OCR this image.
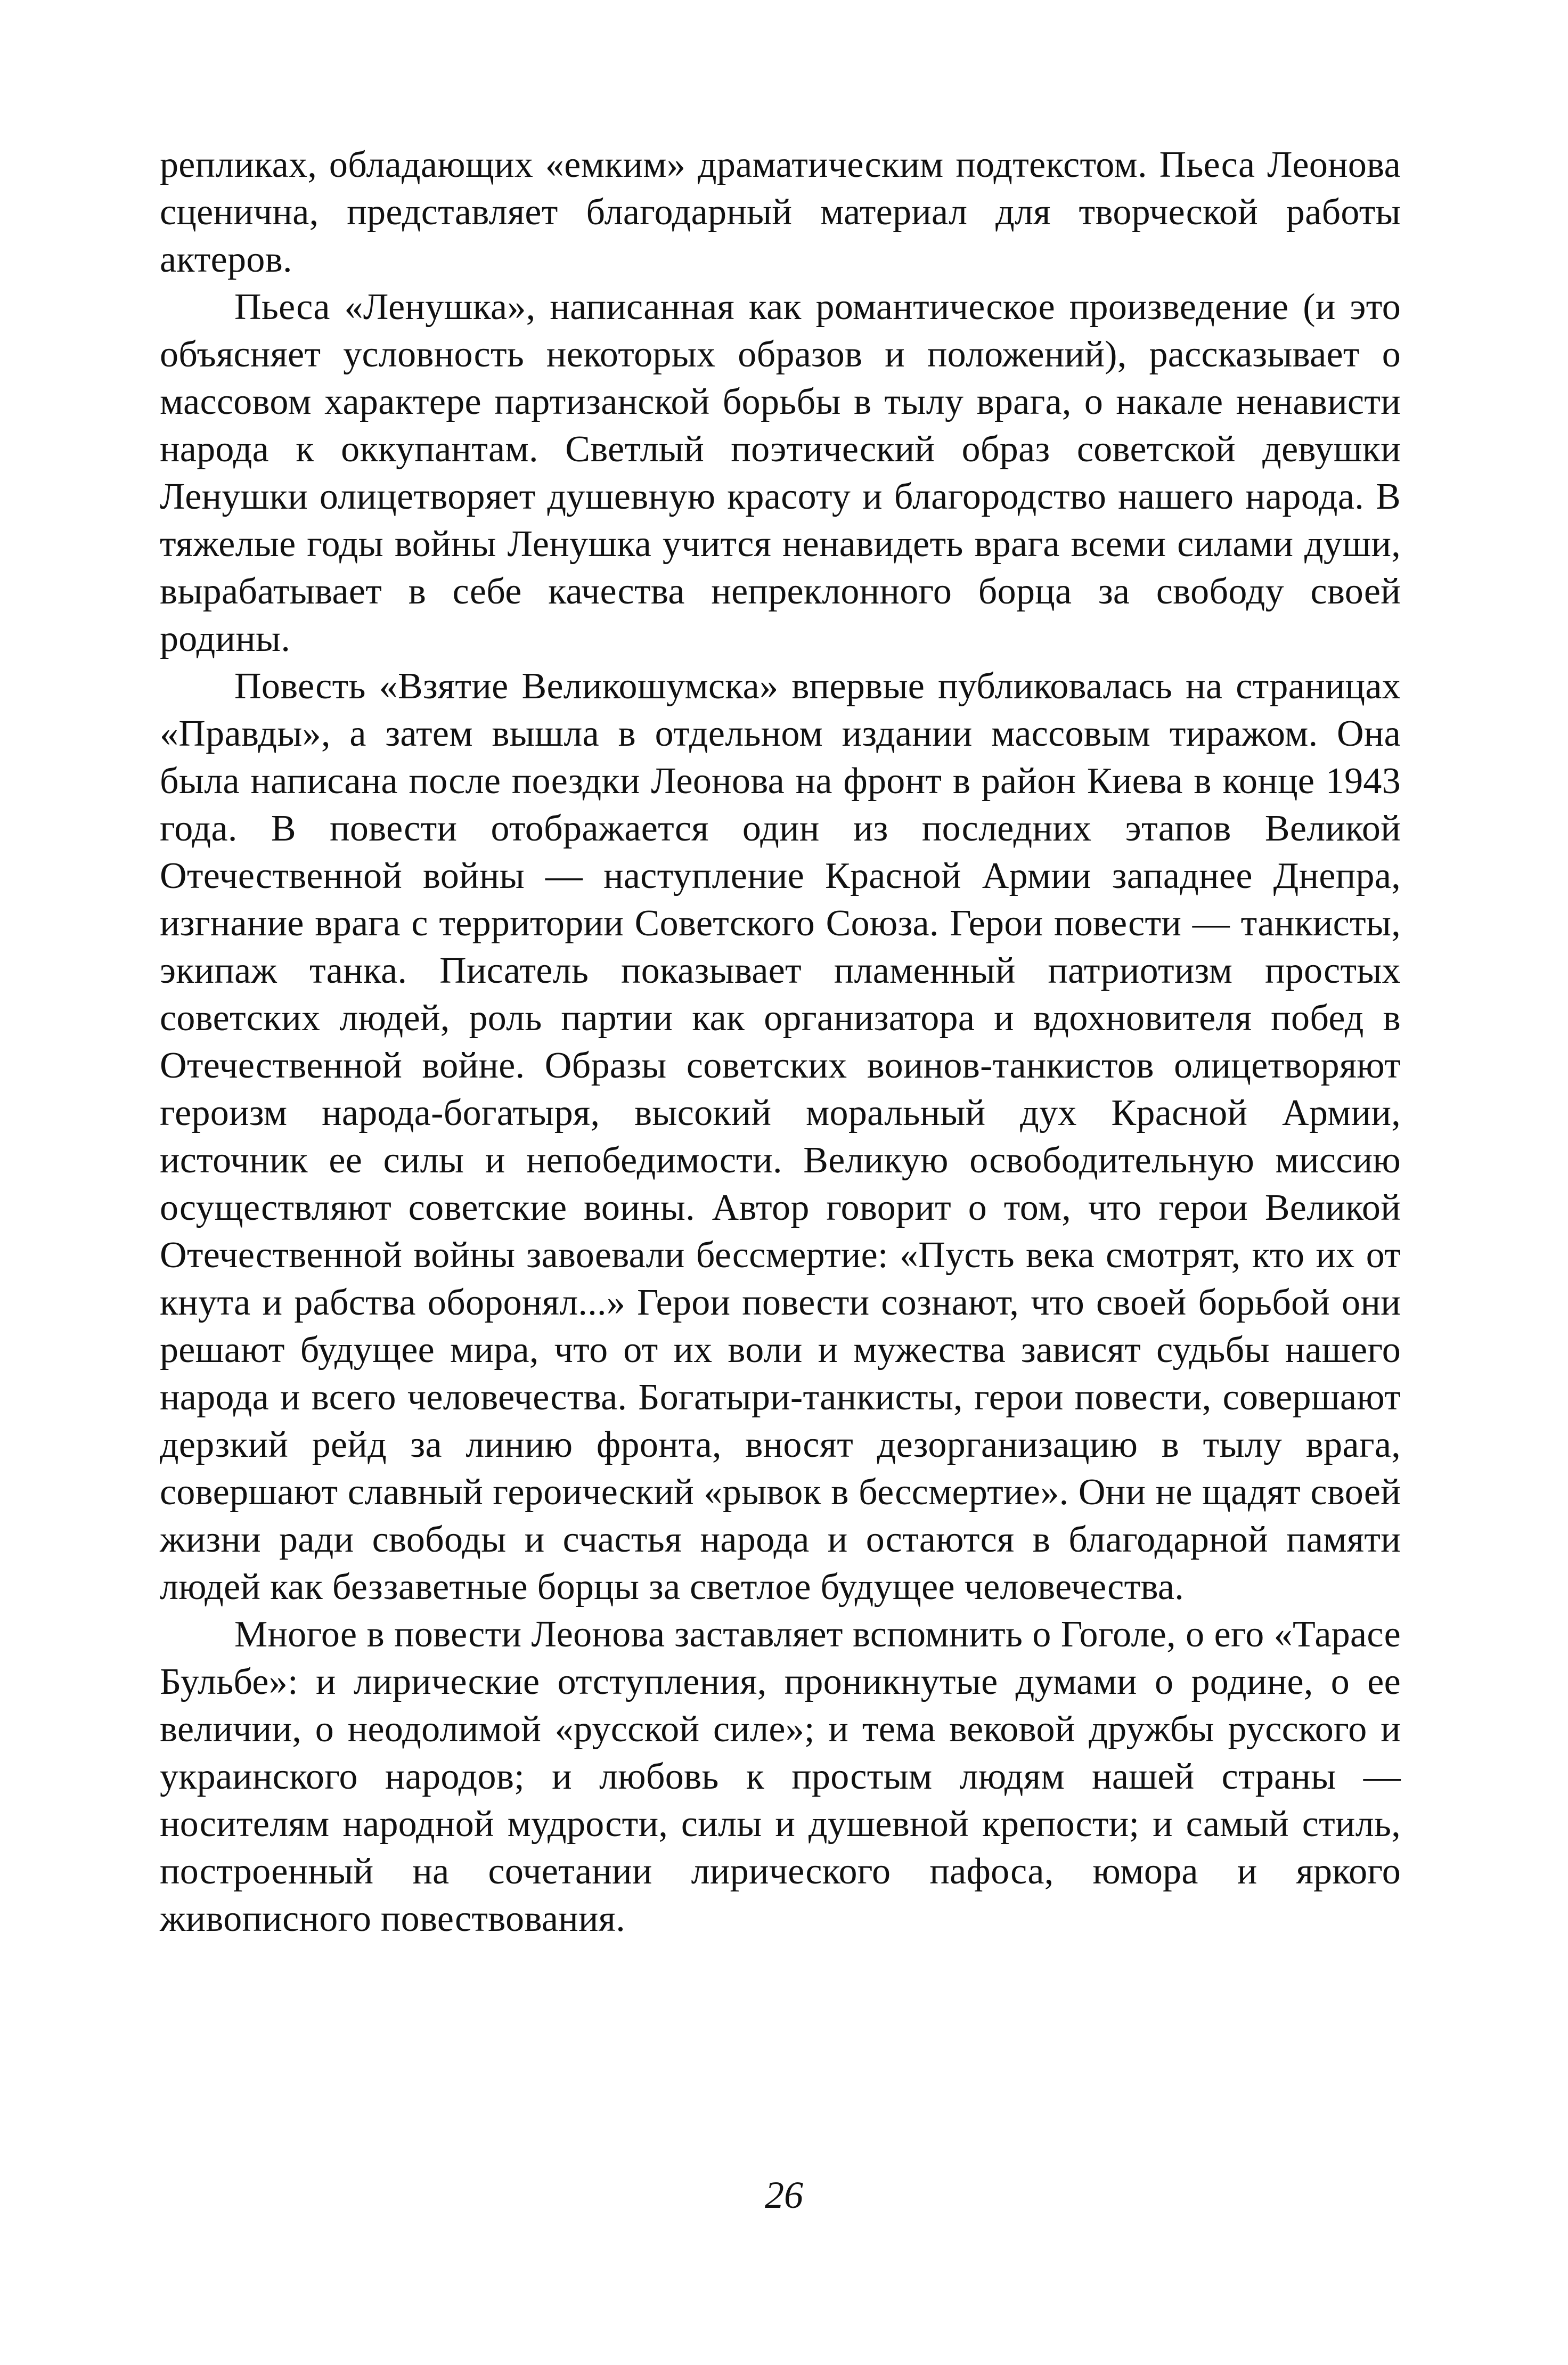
репликах, обладающих «емким» драматическим подтекстом. Пьеса Леонова сценична, представляет благодарный материал для творческой работы актеров.

Пьеса «Ленушка», написанная как романтическое произведение (и это объясняет условность некоторых образов и положений), рассказывает о массовом характере партизанской борьбы в тылу врага, о накале ненависти народа к оккупантам. Светлый поэтический образ советской девушки Ленушки олицетворяет душевную красоту и благородство нашего народа. В тяжелые годы войны Ленушка учится ненавидеть врага всеми силами души, вырабатывает в себе качества непреклонного борца за свободу своей родины.

Повесть «Взятие Великошумска» впервые публиковалась на страницах «Правды», а затем вышла в отдельном издании массовым тиражом. Она была написана после поездки Леонова на фронт в район Киева в конце 1943 года. В повести отображается один из последних этапов Великой Отечественной войны — наступление Красной Армии западнее Днепра, изгнание врага с территории Советского Союза. Герои повести — танкисты, экипаж танка. Писатель показывает пламенный патриотизм простых советских людей, роль партии как организатора и вдохновителя побед в Отечественной войне. Образы советских воинов-танкистов олицетворяют героизм народа-богатыря, высокий моральный дух Красной Армии, источник ее силы и непобедимости. Великую освободительную миссию осуществляют советские воины. Автор говорит о том, что герои Великой Отечественной войны завоевали бессмертие: «Пусть века смотрят, кто их от кнута и рабства оборонял...» Герои повести сознают, что своей борьбой они решают будущее мира, что от их воли и мужества зависят судьбы нашего народа и всего человечества. Богатыри-танкисты, герои повести, совершают дерзкий рейд за линию фронта, вносят дезорганизацию в тылу врага, совершают славный героический «рывок в бессмертие». Они не щадят своей жизни ради свободы и счастья народа и остаются в благодарной памяти людей как беззаветные борцы за светлое будущее человечества.

Многое в повести Леонова заставляет вспомнить о Гоголе, о его «Тарасе Бульбе»: и лирические отступления, проникнутые думами о родине, о ее величии, о неодолимой «русской силе»; и тема вековой дружбы русского и украинского народов; и любовь к простым людям нашей страны — носителям народной мудрости, силы и душевной крепости; и самый стиль, построенный на сочетании лирического пафоса, юмора и яркого живописного повествования.

26
